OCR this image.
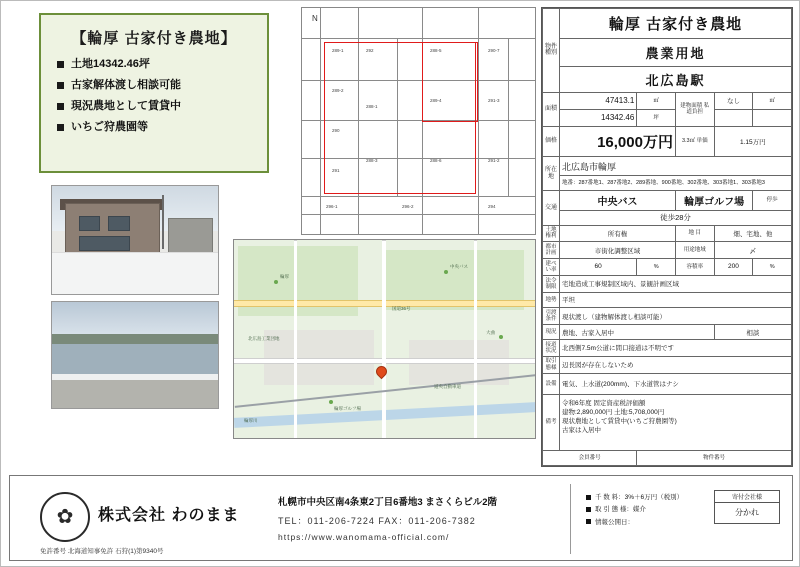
【輪厚 古家付き農地】
土地14342.46坪
古家解体渡し相談可能
現況農地として賃貸中
いちご狩農園等
N
289-1
289-2
290
291
292
288-1
288-3
288-5
289-4
288-6
290-7
291-3
291-2
296-1	296-2	294
輪厚
中央バス
北広島工業団地
国道36号
道央自動車道
輪厚ゴルフ場
大曲
輪厚川
物件種別	輪厚 古家付き農地				
	農業用地				
	北広島駅				

面積	47413.1	㎡	建物面積 私道負担	なし	㎡
	14342.46	坪			

価格	16,000万円		3.3㎡ 単価	1.15万円	

所在地	北広島市輪厚				
	地番：287番地1、287番地2、289番地、900番地、302番地、303番地1、303番地3				

交通	中央バス		輪厚ゴルフ場		停歩
	徒歩28分				

土地権利	所有権		地 目	畑、宅地、他	

都市計画	市街化調整区域		用途地域	〆	

建ぺい率	60	%	容積率	200	%

法令制限	宅地造成工事規制区域内、景観計画区域				

地勢	平坦				

引渡条件	現状渡し（建物解体渡し相談可能）				

現況	農地、古家入居中			相談	

接道状況	北西側7.5m公道に間口接道は不明です				

取引態様	辺長図が存在しないため				

設備	電気、上水道(200mm)、下水道管はナシ				

備考	令和6年度 固定資産税評価額
建物:2,890,000円 土地:5,708,000円
現状農地として賃貸中(いちご狩農園等)
古家は入居中				

会員番号		物件番号			
✿ 株式会社 わのまま
免許番号 北海道知事免許 石狩(1)第9340号
札幌市中央区南4条東2丁目6番地3 まさくらビル2階
TEL：011-206-7224 FAX：011-206-7382
https://www.wanomama-official.com/
千 数 料：3%＋6万円（税別）
取 引 態 様：媒介
情報公開日：
寄付会社様
分かれ
